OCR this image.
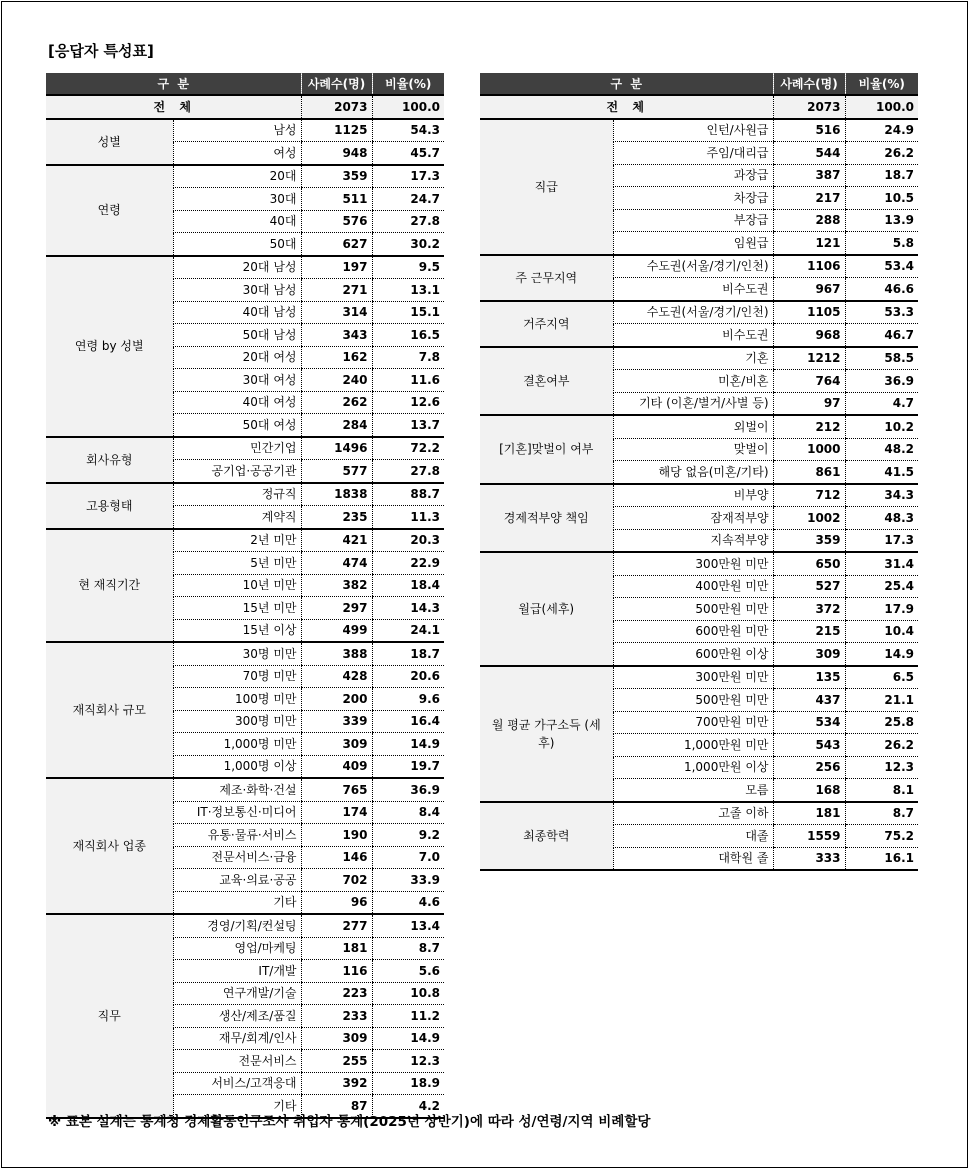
[응답자 특성표]
구  분		사례수(명)	비율(%)
전  체		2073	100.0
성별	남성	1125	54.3
	여성	948	45.7
연령	20대	359	17.3
	30대	511	24.7
	40대	576	27.8
	50대	627	30.2
연령 by 성별	20대 남성	197	9.5
	30대 남성	271	13.1
	40대 남성	314	15.1
	50대 남성	343	16.5
	20대 여성	162	7.8
	30대 여성	240	11.6
	40대 여성	262	12.6
	50대 여성	284	13.7
회사유형	민간기업	1496	72.2
	공기업·공공기관	577	27.8
고용형태	정규직	1838	88.7
	계약직	235	11.3
현 재직기간	2년 미만	421	20.3
	5년 미만	474	22.9
	10년 미만	382	18.4
	15년 미만	297	14.3
	15년 이상	499	24.1
재직회사 규모	30명 미만	388	18.7
	70명 미만	428	20.6
	100명 미만	200	9.6
	300명 미만	339	16.4
	1,000명 미만	309	14.9
	1,000명 이상	409	19.7
재직회사 업종	제조·화학·건설	765	36.9
	IT·정보통신·미디어	174	8.4
	유통·물류·서비스	190	9.2
	전문서비스·금융	146	7.0
	교육·의료·공공	702	33.9
	기타	96	4.6
직무	경영/기획/컨설팅	277	13.4
	영업/마케팅	181	8.7
	IT/개발	116	5.6
	연구개발/기술	223	10.8
	생산/제조/품질	233	11.2
	재무/회계/인사	309	14.9
	전문서비스	255	12.3
	서비스/고객응대	392	18.9
	기타	87	4.2
구  분		사례수(명)	비율(%)
전  체		2073	100.0
직급	인턴/사원급	516	24.9
	주임/대리급	544	26.2
	과장급	387	18.7
	차장급	217	10.5
	부장급	288	13.9
	임원급	121	5.8
주 근무지역	수도권(서울/경기/인천)	1106	53.4
	비수도권	967	46.6
거주지역	수도권(서울/경기/인천)	1105	53.3
	비수도권	968	46.7
결혼여부	기혼	1212	58.5
	미혼/비혼	764	36.9
	기타 (이혼/별거/사별 등)	97	4.7
[기혼]맞벌이 여부	외벌이	212	10.2
	맞벌이	1000	48.2
	해당 없음(미혼/기타)	861	41.5
경제적부양 책임	비부양	712	34.3
	잠재적부양	1002	48.3
	지속적부양	359	17.3
월급(세후)	300만원 미만	650	31.4
	400만원 미만	527	25.4
	500만원 미만	372	17.9
	600만원 미만	215	10.4
	600만원 이상	309	14.9
월 평균 가구소득 (세후)	300만원 미만	135	6.5
	500만원 미만	437	21.1
	700만원 미만	534	25.8
	1,000만원 미만	543	26.2
	1,000만원 이상	256	12.3
	모름	168	8.1
최종학력	고졸 이하	181	8.7
	대졸	1559	75.2
	대학원 졸	333	16.1
※ 표본 설계는 통계청 경제활동인구조사 취업자 통계(2025년 상반기)에 따라 성/연령/지역 비례할당
